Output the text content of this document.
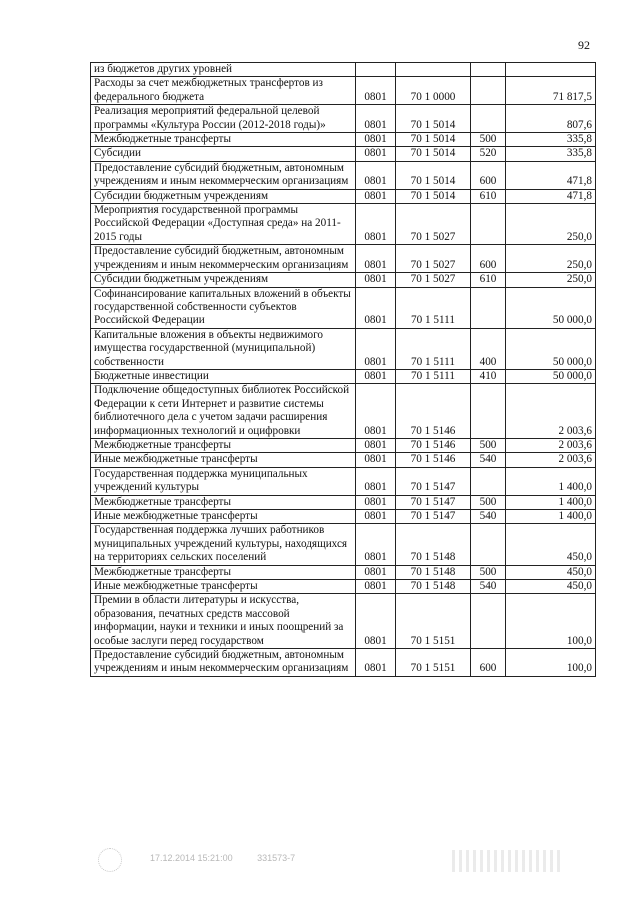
92
из бюджетов других уровней				
Расходы за счет межбюджетных трансфертов из федерального бюджета	0801	70 1 0000		71 817,5
Реализация мероприятий федеральной целевой программы «Культура России (2012-2018 годы)»	0801	70 1 5014		807,6
Межбюджетные трансферты	0801	70 1 5014	500	335,8
Субсидии	0801	70 1 5014	520	335,8
Предоставление субсидий бюджетным, автономным учреждениям и иным некоммерческим организациям	0801	70 1 5014	600	471,8
Субсидии бюджетным учреждениям	0801	70 1 5014	610	471,8
Мероприятия государственной программы Российской Федерации «Доступная среда» на 2011-2015 годы	0801	70 1 5027		250,0
Предоставление субсидий бюджетным, автономным учреждениям и иным некоммерческим организациям	0801	70 1 5027	600	250,0
Субсидии бюджетным учреждениям	0801	70 1 5027	610	250,0
Софинансирование капитальных вложений в объекты государственной собственности субъектов Российской Федерации	0801	70 1 5111		50 000,0
Капитальные вложения в объекты недвижимого имущества государственной (муниципальной) собственности	0801	70 1 5111	400	50 000,0
Бюджетные инвестиции	0801	70 1 5111	410	50 000,0
Подключение общедоступных библиотек Российской Федерации к сети Интернет и развитие системы библиотечного дела с учетом задачи расширения информационных технологий и оцифровки	0801	70 1 5146		2 003,6
Межбюджетные трансферты	0801	70 1 5146	500	2 003,6
Иные межбюджетные трансферты	0801	70 1 5146	540	2 003,6
Государственная поддержка муниципальных учреждений культуры	0801	70 1 5147		1 400,0
Межбюджетные трансферты	0801	70 1 5147	500	1 400,0
Иные межбюджетные трансферты	0801	70 1 5147	540	1 400,0
Государственная поддержка лучших работников муниципальных учреждений культуры, находящихся на территориях сельских поселений	0801	70 1 5148		450,0
Межбюджетные трансферты	0801	70 1 5148	500	450,0
Иные межбюджетные трансферты	0801	70 1 5148	540	450,0
Премии в области литературы и искусства, образования, печатных средств массовой информации, науки и техники и иных поощрений за особые заслуги перед государством	0801	70 1 5151		100,0
Предоставление субсидий бюджетным, автономным учреждениям и иным некоммерческим организациям	0801	70 1 5151	600	100,0
17.12.2014 15:21:00	331573-7
